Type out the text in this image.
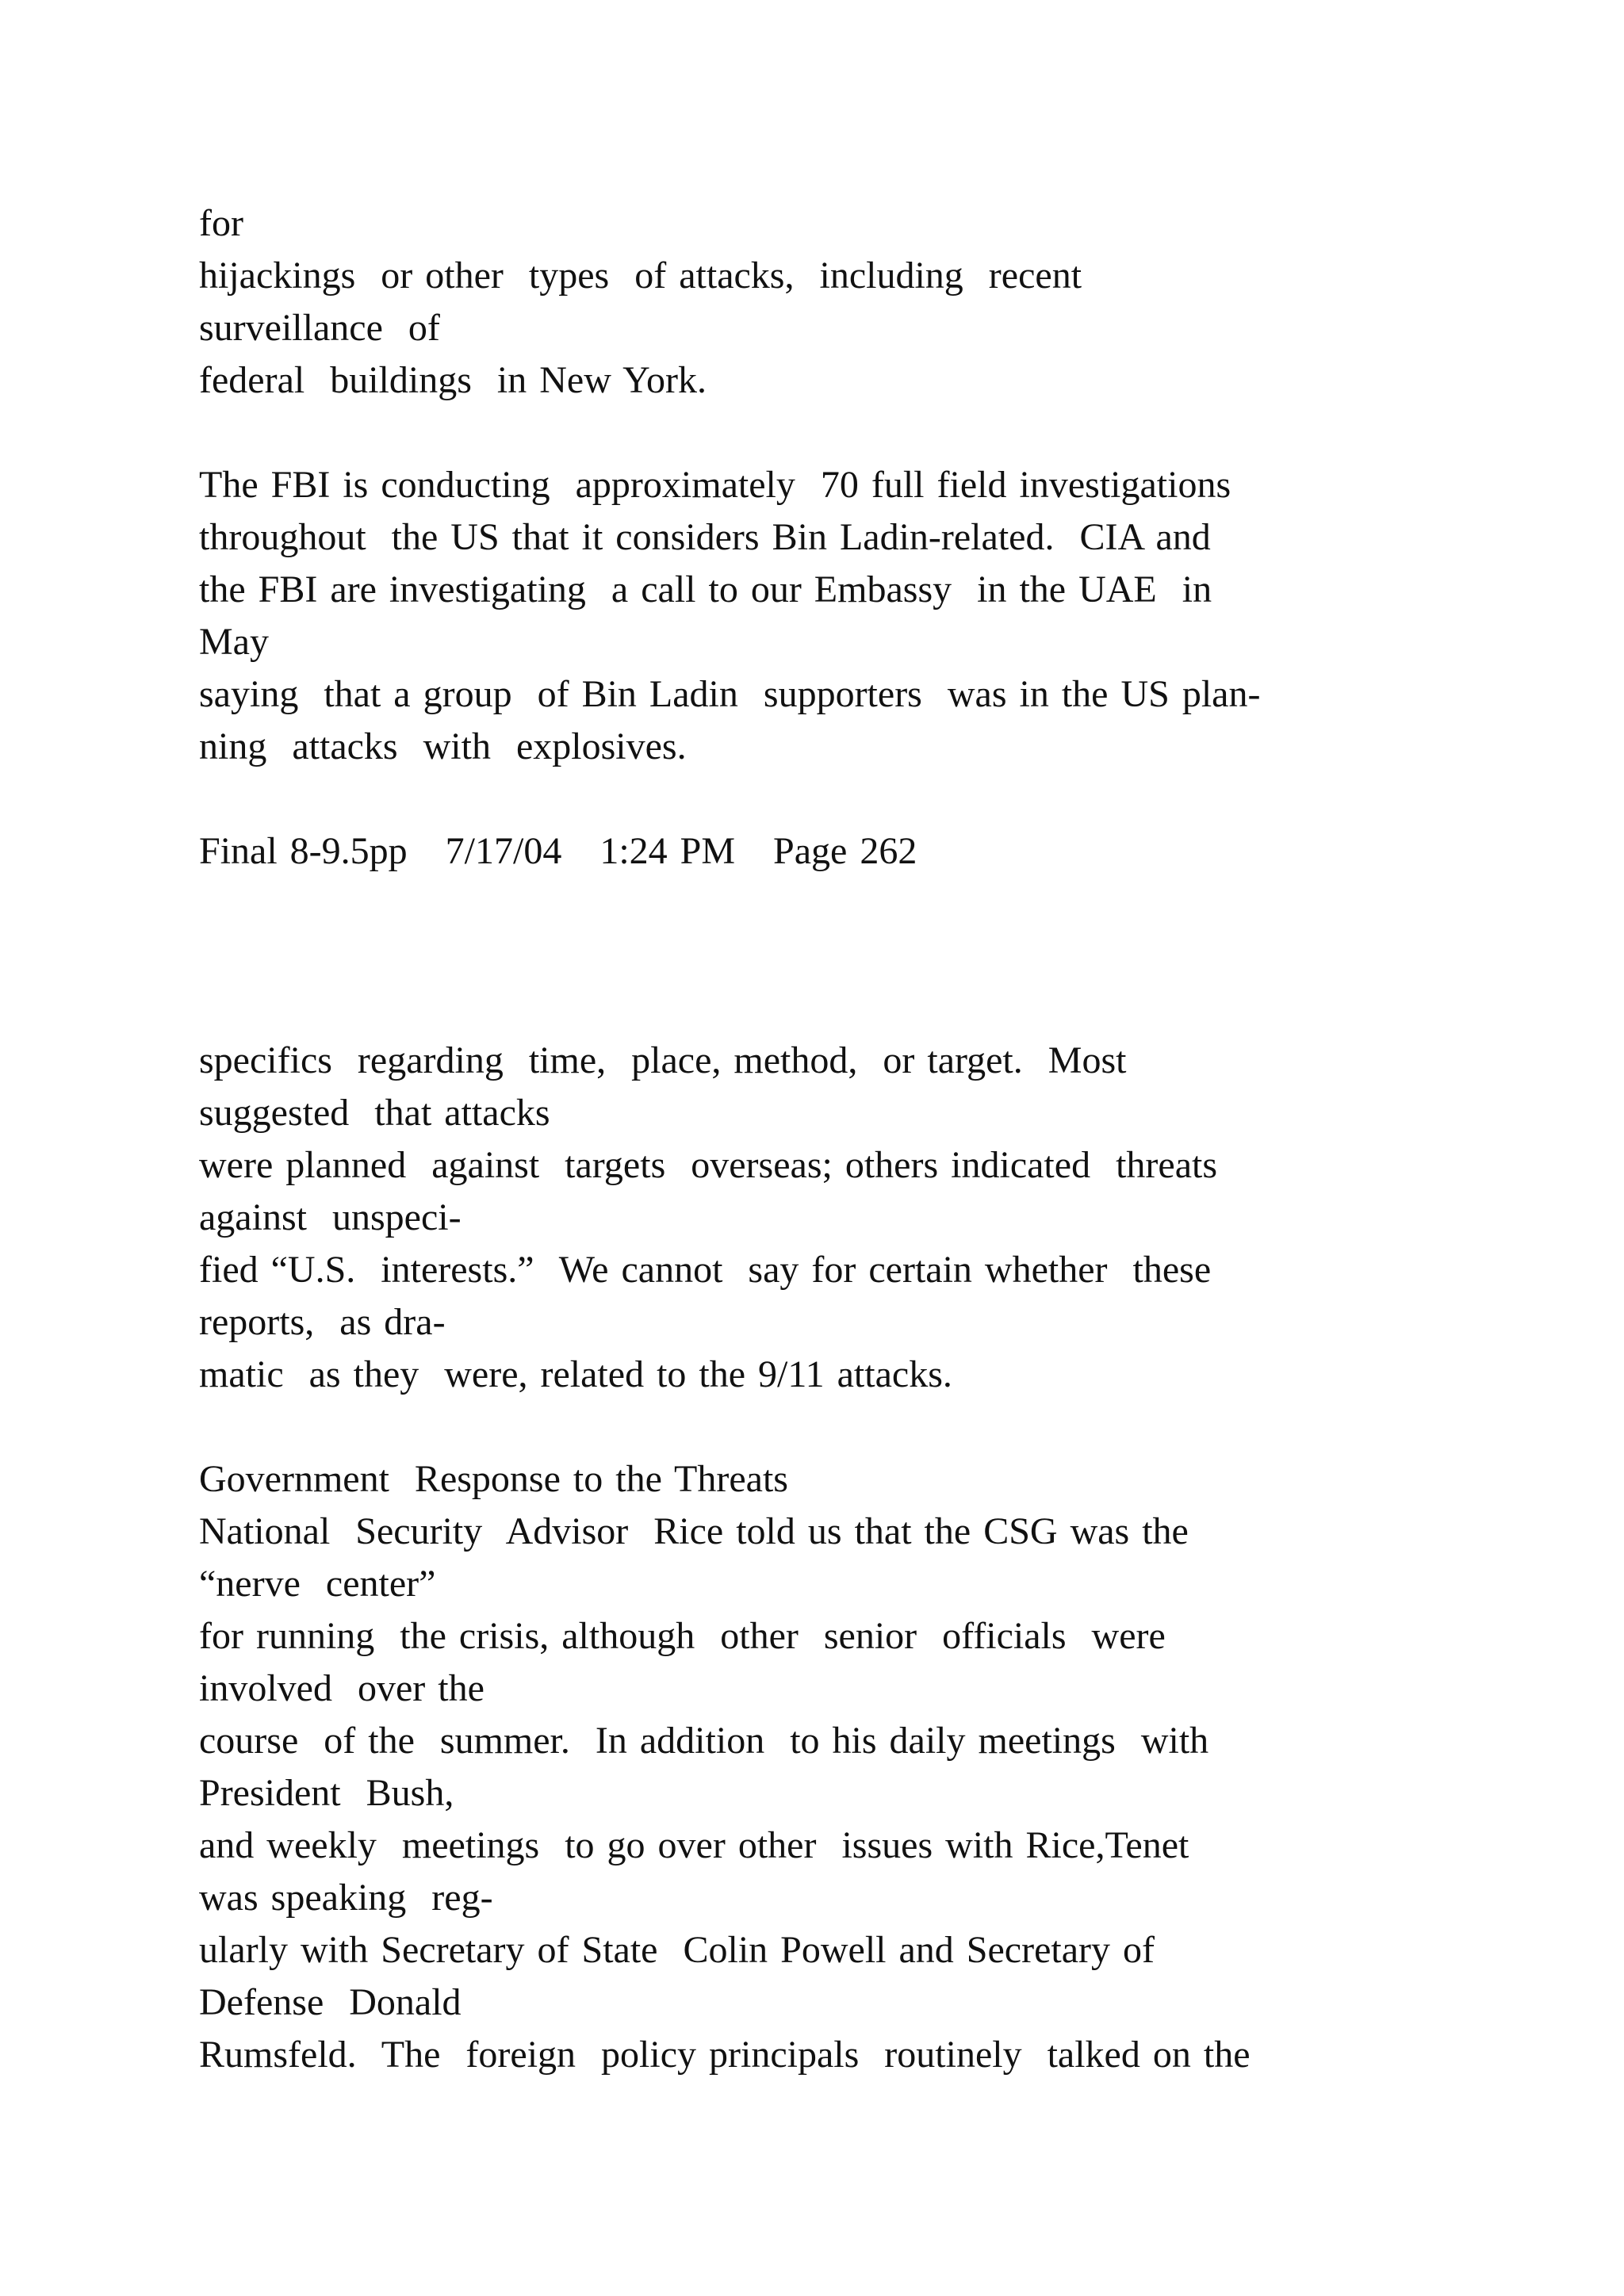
for
hijackings  or other  types  of attacks,  including  recent
surveillance  of
federal  buildings  in New York.
The FBI is conducting  approximately  70 full field investigations
throughout  the US that it considers Bin Ladin-related.  CIA and
the FBI are investigating  a call to our Embassy  in the UAE  in
May
saying  that a group  of Bin Ladin  supporters  was in the US plan-
ning  attacks  with  explosives.
Final 8-9.5pp   7/17/04   1:24 PM   Page 262
specifics  regarding  time,  place, method,  or target.  Most
suggested  that attacks
were planned  against  targets  overseas; others indicated  threats
against  unspeci-
fied “U.S.  interests.”  We cannot  say for certain whether  these
reports,  as dra-
matic  as they  were, related to the 9/11 attacks.
Government  Response to the Threats
National  Security  Advisor  Rice told us that the CSG was the
“nerve  center”
for running  the crisis, although  other  senior  officials  were
involved  over the
course  of the  summer.  In addition  to his daily meetings  with
President  Bush,
and weekly  meetings  to go over other  issues with Rice,Tenet
was speaking  reg-
ularly with Secretary of State  Colin Powell and Secretary of
Defense  Donald
Rumsfeld.  The  foreign  policy principals  routinely  talked on the
